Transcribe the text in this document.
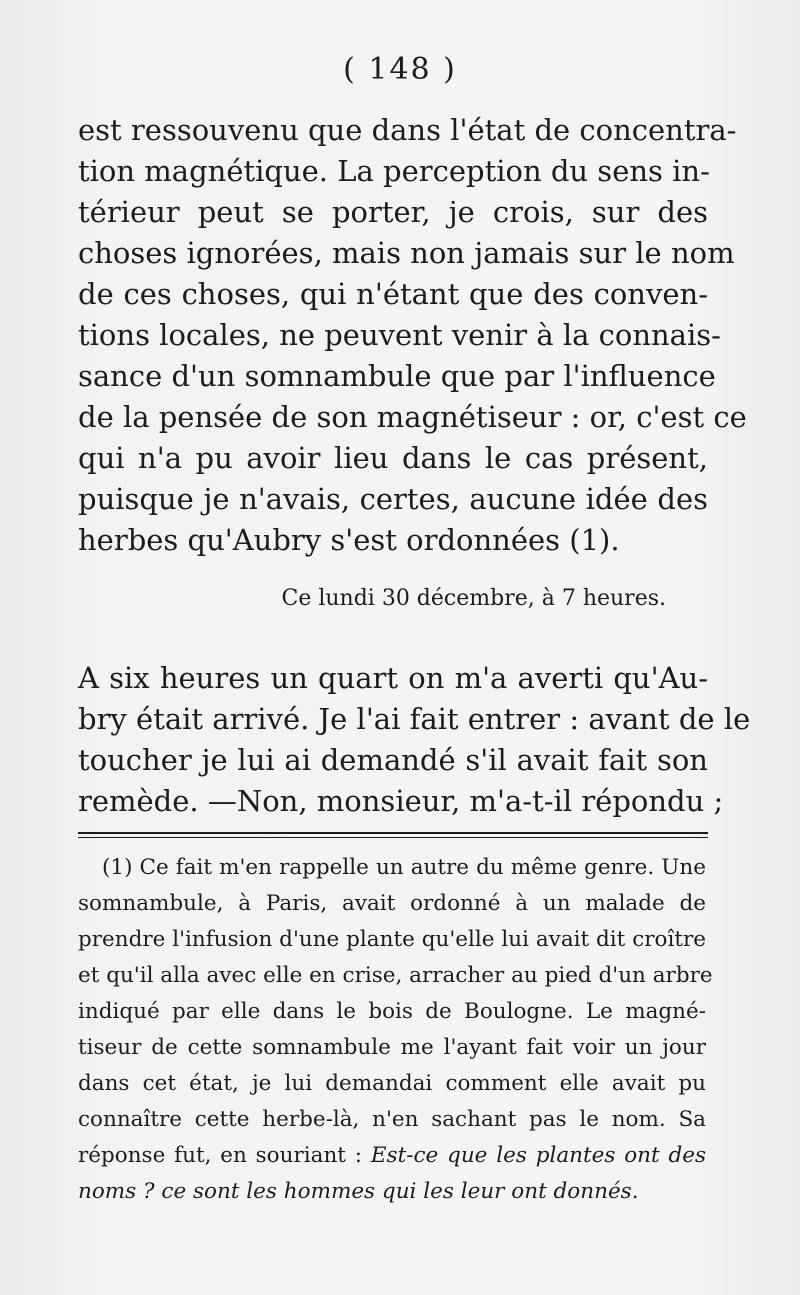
( 148 )
est ressouvenu que dans l'état de concentra-
tion magnétique. La perception du sens in-
térieur peut se porter, je crois, sur des
choses ignorées, mais non jamais sur le nom
de ces choses, qui n'étant que des conven-
tions locales, ne peuvent venir à la connais-
sance d'un somnambule que par l'influence
de la pensée de son magnétiseur : or, c'est ce
qui n'a pu avoir lieu dans le cas présent,
puisque je n'avais, certes, aucune idée des
herbes qu'Aubry s'est ordonnées (1).
Ce lundi 30 décembre, à 7 heures.
A six heures un quart on m'a averti qu'Au-
bry était arrivé. Je l'ai fait entrer : avant de le
toucher je lui ai demandé s'il avait fait son
remède. —Non, monsieur, m'a-t-il répondu ;
(1) Ce fait m'en rappelle un autre du même genre. Une
somnambule, à Paris, avait ordonné à un malade de
prendre l'infusion d'une plante qu'elle lui avait dit croître
et qu'il alla avec elle en crise, arracher au pied d'un arbre
indiqué par elle dans le bois de Boulogne. Le magné-
tiseur de cette somnambule me l'ayant fait voir un jour
dans cet état, je lui demandai comment elle avait pu
connaître cette herbe-là, n'en sachant pas le nom. Sa
réponse fut, en souriant : Est-ce que les plantes ont des
noms ? ce sont les hommes qui les leur ont donnés.
